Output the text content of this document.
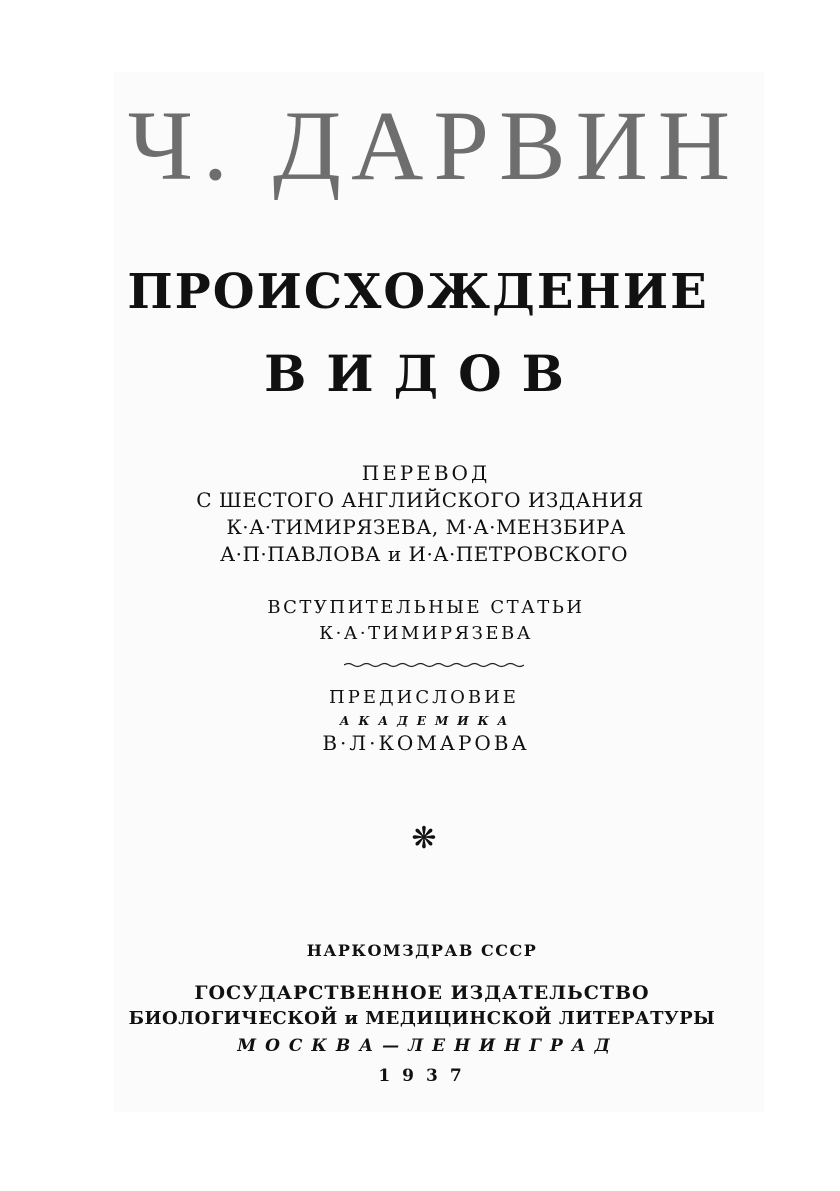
Ч. ДАРВИН
ПРОИСХОЖДЕНИЕ
ВИДОВ

ПЕРЕВОД

С ШЕСТОГО АНГЛИЙСКОГО ИЗДАНИЯ

К·А·ТИМИРЯЗЕВА, М·А·МЕНЗБИРА

А·П·ПАВЛОВА и И·А·ПЕТРОВСКОГО

ВСТУПИТЕЛЬНЫЕ СТАТЬИ

К·А·ТИМИРЯЗЕВА

ПРЕДИСЛОВИЕ

АКАДЕМИКА

В·Л·КОМАРОВА

❋

НАРКОМЗДРАВ СССР

ГОСУДАРСТВЕННОЕ ИЗДАТЕЛЬСТВО

БИОЛОГИЧЕСКОЙ и МЕДИЦИНСКОЙ ЛИТЕРАТУРЫ

МОСКВА—ЛЕНИНГРАД

1937
